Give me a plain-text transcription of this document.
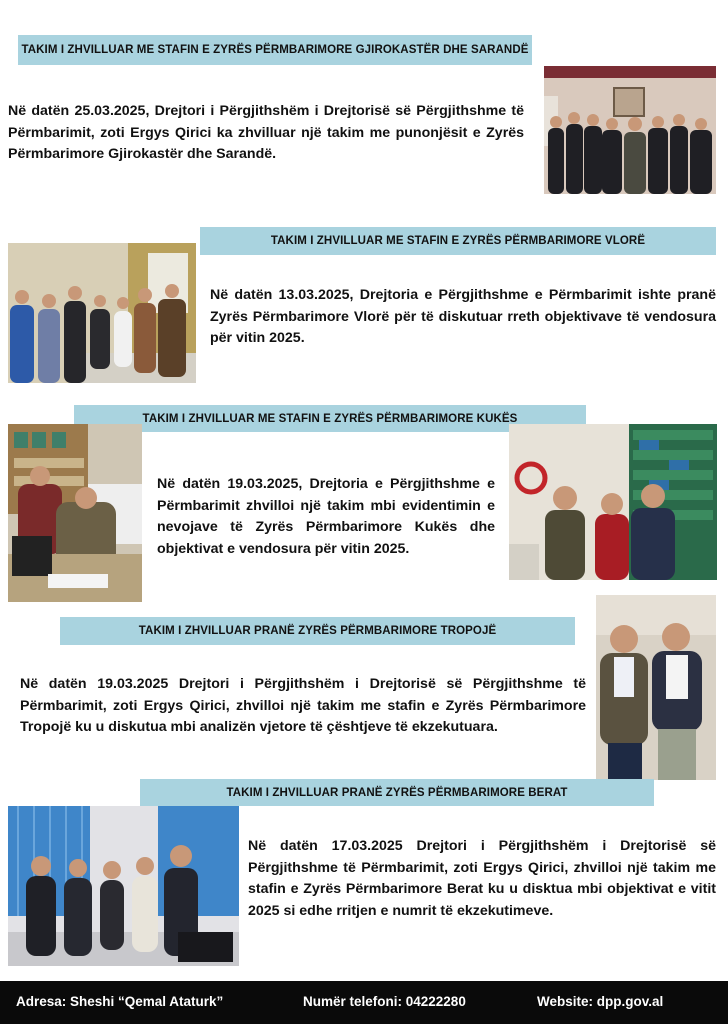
TAKIM I ZHVILLUAR ME STAFIN E ZYRËS PËRMBARIMORE GJIROKASTËR DHE SARANDË
Në datën 25.03.2025, Drejtori i Përgjithshëm i Drejtorisë së Përgjithshme të Përmbarimit, zoti Ergys Qirici ka zhvilluar një takim me punonjësit e Zyrës Përmbarimore Gjirokastër dhe Sarandë.
TAKIM I ZHVILLUAR ME STAFIN E ZYRËS PËRMBARIMORE VLORË
Në datën 13.03.2025, Drejtoria e Përgjithshme e Përmbarimit ishte pranë Zyrës Përmbarimore Vlorë për të diskutuar rreth objektivave të vendosura për vitin 2025.
TAKIM I ZHVILLUAR ME STAFIN E ZYRËS PËRMBARIMORE KUKËS
Në datën 19.03.2025, Drejtoria e Përgjithshme e Përmbarimit zhvilloi një takim mbi evidentimin e nevojave të Zyrës Përmbarimore Kukës dhe objektivat e vendosura për vitin 2025.
TAKIM I ZHVILLUAR PRANË ZYRËS PËRMBARIMORE TROPOJË
Në datën 19.03.2025 Drejtori i Përgjithshëm i Drejtorisë së Përgjithshme të Përmbarimit, zoti Ergys Qirici, zhvilloi një takim me stafin e Zyrës Përmbarimore Tropojë ku u diskutua mbi analizën vjetore të çështjeve të ekzekutuara.
TAKIM I ZHVILLUAR PRANË ZYRËS PËRMBARIMORE BERAT
Në datën 17.03.2025 Drejtori i Përgjithshëm i Drejtorisë së Përgjithshme të Përmbarimit, zoti Ergys Qirici, zhvilloi një takim me stafin e Zyrës Përmbarimore Berat ku u disktua mbi objektivat e vitit 2025 si edhe rritjen e numrit të ekzekutimeve.
Adresa: Sheshi “Qemal Ataturk”	Numër telefoni: 04222280	Website: dpp.gov.al
